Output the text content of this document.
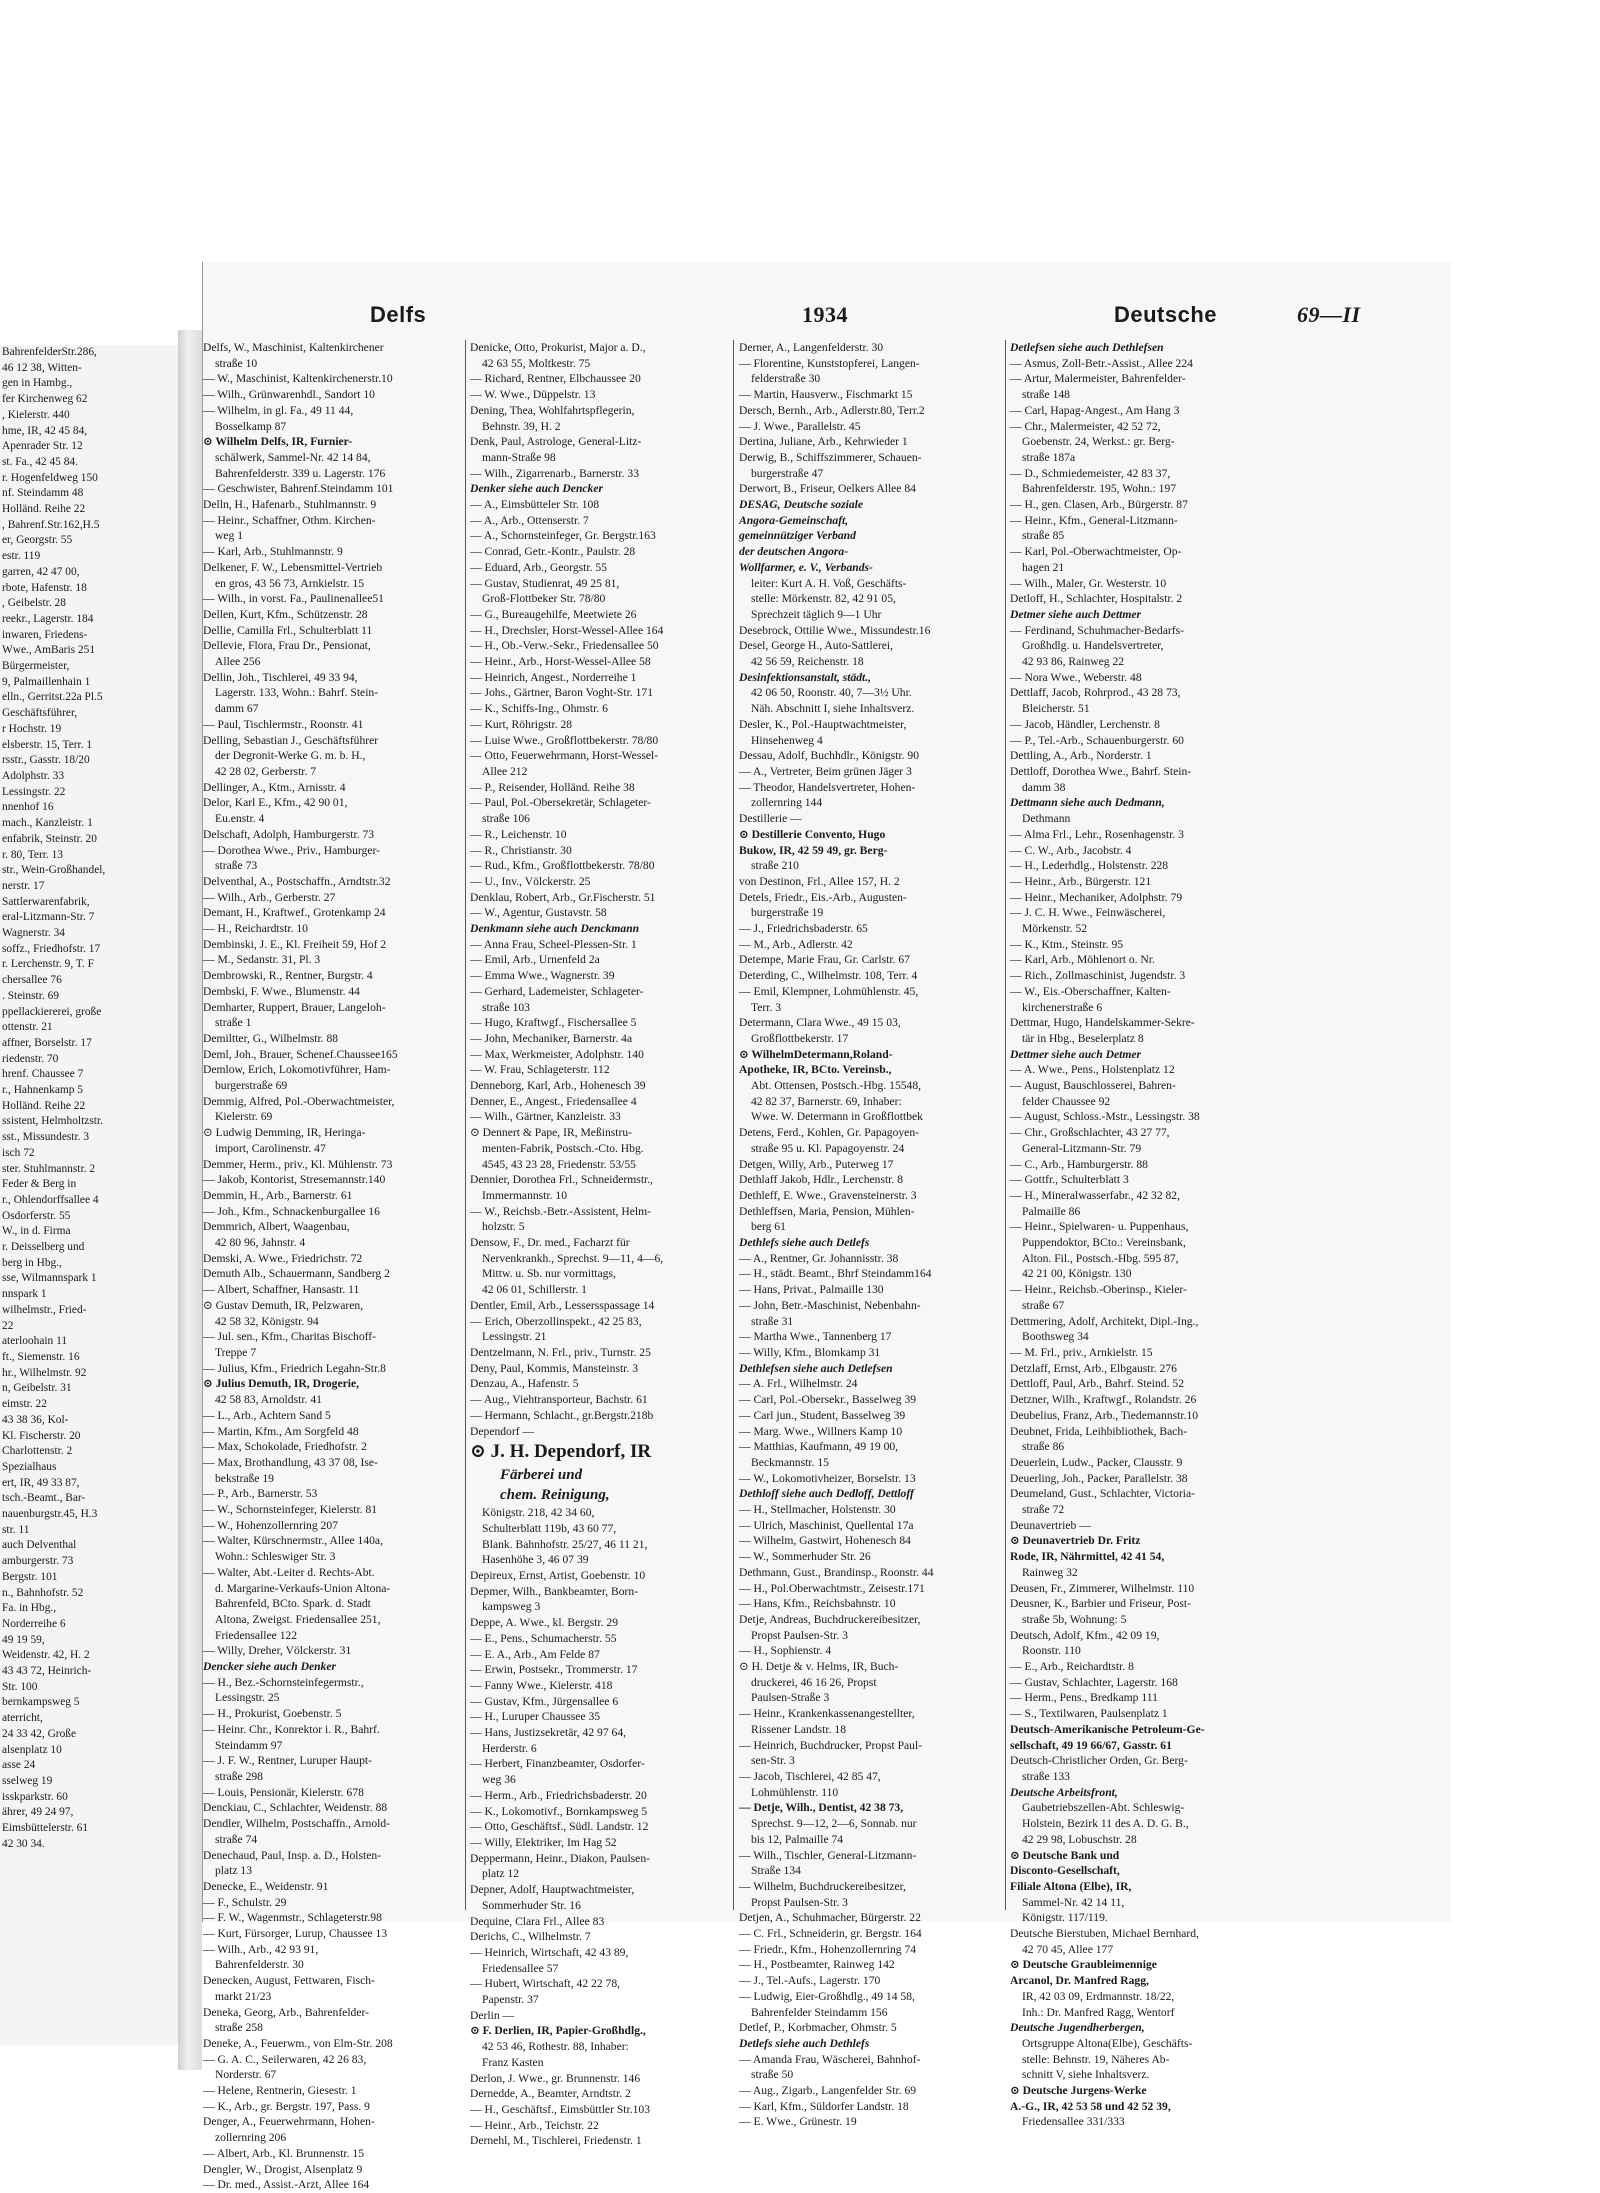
BahrenfelderStr.286,
46 12 38, Witten-
gen in Hambg.,
fer Kirchenweg 62
, Kielerstr. 440
hme, IR, 42 45 84,
Apenrader Str. 12
st. Fa., 42 45 84.
r. Hogenfeldweg 150
nf. Steindamm 48
Holländ. Reihe 22
, Bahrenf.Str.162,H.5
er, Georgstr. 55
estr. 119
garren, 42 47 00,
rbote, Hafenstr. 18
, Geibelstr. 28
reekr., Lagerstr. 184
inwaren, Friedens-
Wwe., AmBaris 251
Bürgermeister,
9, Palmaillenhain 1
elln., Gerritst.22a Pl.5
Geschäftsführer,
r Hochstr. 19
elsberstr. 15, Terr. 1
rsstr., Gasstr. 18/20
Adolphstr. 33
Lessingstr. 22
nnenhof 16
mach., Kanzleistr. 1
enfabrik, Steinstr. 20
r. 80, Terr. 13
str., Wein-Großhandel,
nerstr. 17
Sattlerwarenfabrik,
eral-Litzmann-Str. 7
Wagnerstr. 34
soffz., Friedhofstr. 17
r. Lerchenstr. 9, T. F
chersallee 76
. Steinstr. 69
ppellackiererei, große
ottenstr. 21
affner, Borselstr. 17
riedenstr. 70
hrenf. Chaussee 7
r., Hahnenkamp 5
Holländ. Reihe 22
ssistent, Helmholtzstr.
sst., Missundestr. 3
isch 72
ster. Stuhlmannstr. 2
Feder & Berg in
r., Ohlendorffsallee 4
Osdorferstr. 55
W., in d. Firma
r. Deisselberg und
berg in Hbg.,
sse, Wilmannspark 1
nnspark 1
wilhelmstr., Fried-
22
aterloohain 11
ft., Siemenstr. 16
hr., Wilhelmstr. 92
n, Geibelstr. 31
eimstr. 22
43 38 36, Kol-
Kl. Fischerstr. 20
Charlottenstr. 2
Spezialhaus
ert, IR, 49 33 87,
tsch.-Beamt., Bar-
nauenburgstr.45, H.3
str. 11
auch Delventhal
amburgerstr. 73
Bergstr. 101
n., Bahnhofstr. 52
Fa. in Hbg.,
Norderreihe 6
49 19 59,
Weidenstr. 42, H. 2
43 43 72, Heinrich-
Str. 100
bernkampsweg 5
aterricht,
24 33 42, Große
alsenplatz 10
asse 24
sselweg 19
isskparkstr. 60
ährer, 49 24 97,
Eimsbüttelerstr. 61
42 30 34.
Delfs	1934	Deutsche	69—II
Delfs, W., Maschinist, Kaltenkirchener
straße 10
— W., Maschinist, Kaltenkirchenerstr.10
— Wilh., Grünwarenhdl., Sandort 10
— Wilhelm, in gl. Fa., 49 11 44,
Bosselkamp 87
⊙ Wilhelm Delfs, IR, Furnier-
schälwerk, Sammel-Nr. 42 14 84,
Bahrenfelderstr. 339 u. Lagerstr. 176
— Geschwister, Bahrenf.Steindamm 101
Delln, H., Hafenarb., Stuhlmannstr. 9
— Heinr., Schaffner, Othm. Kirchen-
weg 1
— Karl, Arb., Stuhlmannstr. 9
Delkener, F. W., Lebensmittel-Vertrieb
en gros, 43 56 73, Arnkielstr. 15
— Wilh., in vorst. Fa., Paulinenallee51
Dellen, Kurt, Kfm., Schützenstr. 28
Dellie, Camilla Frl., Schulterblatt 11
Dellevie, Flora, Frau Dr., Pensionat,
Allee 256
Dellin, Joh., Tischlerei, 49 33 94,
Lagerstr. 133, Wohn.: Bahrf. Stein-
damm 67
— Paul, Tischlermstr., Roonstr. 41
Delling, Sebastian J., Geschäftsführer
der Degronit-Werke G. m. b. H.,
42 28 02, Gerberstr. 7
Dellinger, A., Ktm., Arnisstr. 4
Delor, Karl E., Kfm., 42 90 01,
Eu.enstr. 4
Delschaft, Adolph, Hamburgerstr. 73
— Dorothea Wwe., Priv., Hamburger-
straße 73
Delventhal, A., Postschaffn., Arndtstr.32
— Wilh., Arb., Gerberstr. 27
Demant, H., Kraftwef., Grotenkamp 24
— H., Reichardtstr. 10
Dembinski, J. E., Kl. Freiheit 59, Hof 2
— M., Sedanstr. 31, Pl. 3
Dembrowski, R., Rentner, Burgstr. 4
Dembski, F. Wwe., Blumenstr. 44
Demharter, Ruppert, Brauer, Langeloh-
straße 1
Demiltter, G., Wilhelmstr. 88
Deml, Joh., Brauer, Schenef.Chaussee165
Demlow, Erich, Lokomotivführer, Ham-
burgerstraße 69
Demmig, Alfred, Pol.-Oberwachtmeister,
Kielerstr. 69
⊙ Ludwig Demming, IR, Heringa-
import, Carolinenstr. 47
Demmer, Herm., priv., Kl. Mühlenstr. 73
— Jakob, Kontorist, Stresemannstr.140
Demmin, H., Arb., Barnerstr. 61
— Joh., Kfm., Schnackenburgallee 16
Demmrich, Albert, Waagenbau,
42 80 96, Jahnstr. 4
Demski, A. Wwe., Friedrichstr. 72
Demuth Alb., Schauermann, Sandberg 2
— Albert, Schaffner, Hansastr. 11
⊙ Gustav Demuth, IR, Pelzwaren,
42 58 32, Königstr. 94
— Jul. sen., Kfm., Charitas Bischoff-
Treppe 7
— Julius, Kfm., Friedrich Legahn-Str.8
⊙ Julius Demuth, IR, Drogerie,
42 58 83, Arnoldstr. 41
— L., Arb., Achtern Sand 5
— Martin, Kfm., Am Sorgfeld 48
— Max, Schokolade, Friedhofstr. 2
— Max, Brothandlung, 43 37 08, Ise-
bekstraße 19
— P., Arb., Barnerstr. 53
— W., Schornsteinfeger, Kielerstr. 81
— W., Hohenzollernring 207
— Walter, Kürschnermstr., Allee 140a,
Wohn.: Schleswiger Str. 3
— Walter, Abt.-Leiter d. Rechts-Abt.
d. Margarine-Verkaufs-Union Altona-
Bahrenfeld, BCto. Spark. d. Stadt
Altona, Zweigst. Friedensallee 251,
Friedensallee 122
— Willy, Dreher, Völckerstr. 31
Dencker siehe auch Denker
— H., Bez.-Schornsteinfegermstr.,
Lessingstr. 25
— H., Prokurist, Goebenstr. 5
— Heinr. Chr., Konrektor i. R., Bahrf.
Steindamm 97
— J. F. W., Rentner, Luruper Haupt-
straße 298
— Louis, Pensionär, Kielerstr. 678
Denckiau, C., Schlachter, Weidenstr. 88
Dendler, Wilhelm, Postschaffn., Arnold-
straße 74
Denechaud, Paul, Insp. a. D., Holsten-
platz 13
Denecke, E., Weidenstr. 91
— F., Schulstr. 29
— F. W., Wagenmstr., Schlageterstr.98
— Kurt, Fürsorger, Lurup, Chaussee 13
— Wilh., Arb., 42 93 91,
Bahrenfelderstr. 30
Denecken, August, Fettwaren, Fisch-
markt 21/23
Deneka, Georg, Arb., Bahrenfelder-
straße 258
Deneke, A., Feuerwm., von Elm-Str. 208
— G. A. C., Seilerwaren, 42 26 83,
Norderstr. 67
— Helene, Rentnerin, Giesestr. 1
— K., Arb., gr. Bergstr. 197, Pass. 9
Denger, A., Feuerwehrmann, Hohen-
zollernring 206
— Albert, Arb., Kl. Brunnenstr. 15
Dengler, W., Drogist, Alsenplatz 9
— Dr. med., Assist.-Arzt, Allee 164
Denicke, Otto, Prokurist, Major a. D.,
42 63 55, Moltkestr. 75
— Richard, Rentner, Elbchaussee 20
— W. Wwe., Düppelstr. 13
Dening, Thea, Wohlfahrtspflegerin,
Behnstr. 39, H. 2
Denk, Paul, Astrologe, General-Litz-
mann-Straße 98
— Wilh., Zigarrenarb., Barnerstr. 33
Denker siehe auch Dencker
— A., Eimsbütteler Str. 108
— A., Arb., Ottenserstr. 7
— A., Schornsteinfeger, Gr. Bergstr.163
— Conrad, Getr.-Kontr., Paulstr. 28
— Eduard, Arb., Georgstr. 55
— Gustav, Studienrat, 49 25 81,
Groß-Flottbeker Str. 78/80
— G., Bureaugehilfe, Meetwiete 26
— H., Drechsler, Horst-Wessel-Allee 164
— H., Ob.-Verw.-Sekr., Friedensallee 50
— Heinr., Arb., Horst-Wessel-Allee 58
— Heinrich, Angest., Norderreihe 1
— Johs., Gärtner, Baron Voght-Str. 171
— K., Schiffs-Ing., Ohmstr. 6
— Kurt, Röhrigstr. 28
— Luise Wwe., Großflottbekerstr. 78/80
— Otto, Feuerwehrmann, Horst-Wessel-
Allee 212
— P., Reisender, Holländ. Reihe 38
— Paul, Pol.-Obersekretär, Schlageter-
straße 106
— R., Leichenstr. 10
— R., Christianstr. 30
— Rud., Kfm., Großflottbekerstr. 78/80
— U., Inv., Völckerstr. 25
Denklau, Robert, Arb., Gr.Fischerstr. 51
— W., Agentur, Gustavstr. 58
Denkmann siehe auch Denckmann
— Anna Frau, Scheel-Plessen-Str. 1
— Emil, Arb., Urnenfeld 2a
— Emma Wwe., Wagnerstr. 39
— Gerhard, Lademeister, Schlageter-
straße 103
— Hugo, Kraftwgf., Fischersallee 5
— John, Mechaniker, Barnerstr. 4a
— Max, Werkmeister, Adolphstr. 140
— W. Frau, Schlageterstr. 112
Denneborg, Karl, Arb., Hohenesch 39
Denner, E., Angest., Friedensallee 4
— Wilh., Gärtner, Kanzleistr. 33
⊙ Dennert & Pape, IR, Meßinstru-
menten-Fabrik, Postsch.-Cto. Hbg.
4545, 43 23 28, Friedenstr. 53/55
Dennier, Dorothea Frl., Schneidermstr.,
Immermannstr. 10
— W., Reichsb.-Betr.-Assistent, Helm-
holzstr. 5
Densow, F., Dr. med., Facharzt für
Nervenkrankh., Sprechst. 9—11, 4—6,
Mittw. u. Sb. nur vormittags,
42 06 01, Schillerstr. 1
Dentler, Emil, Arb., Lessersspassage 14
— Erich, Oberzollinspekt., 42 25 83,
Lessingstr. 21
Dentzelmann, N. Frl., priv., Turnstr. 25
Deny, Paul, Kommis, Mansteinstr. 3
Denzau, A., Hafenstr. 5
— Aug., Viehtransporteur, Bachstr. 61
— Hermann, Schlacht., gr.Bergstr.218b
Dependorf —
⊙ J. H. Dependorf, IR
Färberei und
chem. Reinigung,
Königstr. 218, 42 34 60,
Schulterblatt 119b, 43 60 77,
Blank. Bahnhofstr. 25/27, 46 11 21,
Hasenhöhe 3, 46 07 39
Depireux, Ernst, Artist, Goebenstr. 10
Depmer, Wilh., Bankbeamter, Born-
kampsweg 3
Deppe, A. Wwe., kl. Bergstr. 29
— E., Pens., Schumacherstr. 55
— E. A., Arb., Am Felde 87
— Erwin, Postsekr., Trommerstr. 17
— Fanny Wwe., Kielerstr. 418
— Gustav, Kfm., Jürgensallee 6
— H., Luruper Chaussee 35
— Hans, Justizsekretär, 42 97 64,
Herderstr. 6
— Herbert, Finanzbeamter, Osdorfer-
weg 36
— Herm., Arb., Friedrichsbaderstr. 20
— K., Lokomotivf., Bornkampsweg 5
— Otto, Geschäftsf., Südl. Landstr. 12
— Willy, Elektriker, Im Hag 52
Deppermann, Heinr., Diakon, Paulsen-
platz 12
Depner, Adolf, Hauptwachtmeister,
Sommerhuder Str. 16
Dequine, Clara Frl., Allee 83
Derichs, C., Wilhelmstr. 7
— Heinrich, Wirtschaft, 42 43 89,
Friedensallee 57
— Hubert, Wirtschaft, 42 22 78,
Papenstr. 37
Derlin —
⊙ F. Derlien, IR, Papier-Großhdlg.,
42 53 46, Rothestr. 88, Inhaber:
Franz Kasten
Derlon, J. Wwe., gr. Brunnenstr. 146
Dernedde, A., Beamter, Arndtstr. 2
— H., Geschäftsf., Eimsbüttler Str.103
— Heinr., Arb., Teichstr. 22
Dernehl, M., Tischlerei, Friedenstr. 1
Derner, A., Langenfelderstr. 30
— Florentine, Kunststopferei, Langen-
felderstraße 30
— Martin, Hausverw., Fischmarkt 15
Dersch, Bernh., Arb., Adlerstr.80, Terr.2
— J. Wwe., Parallelstr. 45
Dertina, Juliane, Arb., Kehrwieder 1
Derwig, B., Schiffszimmerer, Schauen-
burgerstraße 47
Derwort, B., Friseur, Oelkers Allee 84
DESAG, Deutsche soziale
Angora-Gemeinschaft,
gemeinnütziger Verband
der deutschen Angora-
Wollfarmer, e. V., Verbands-
leiter: Kurt A. H. Voß, Geschäfts-
stelle: Mörkenstr. 82, 42 91 05,
Sprechzeit täglich 9—1 Uhr
Desebrock, Ottilie Wwe., Missundestr.16
Desel, George H., Auto-Sattlerei,
42 56 59, Reichenstr. 18
Desinfektionsanstalt, städt.,
42 06 50, Roonstr. 40, 7—3½ Uhr.
Näh. Abschnitt I, siehe Inhaltsverz.
Desler, K., Pol.-Hauptwachtmeister,
Hinsehenweg 4
Dessau, Adolf, Buchhdlr., Königstr. 90
— A., Vertreter, Beim grünen Jäger 3
— Theodor, Handelsvertreter, Hohen-
zollernring 144
Destillerie —
⊙ Destillerie Convento, Hugo
Bukow, IR, 42 59 49, gr. Berg-
straße 210
von Destinon, Frl., Allee 157, H. 2
Detels, Friedr., Eis.-Arb., Augusten-
burgerstraße 19
— J., Friedrichsbaderstr. 65
— M., Arb., Adlerstr. 42
Detempe, Marie Frau, Gr. Carlstr. 67
Deterding, C., Wilhelmstr. 108, Terr. 4
— Emil, Klempner, Lohmühlenstr. 45,
Terr. 3
Determann, Clara Wwe., 49 15 03,
Großflottbekerstr. 17
⊙ WilhelmDetermann,Roland-
Apotheke, IR, BCto. Vereinsb.,
Abt. Ottensen, Postsch.-Hbg. 15548,
42 82 37, Barnerstr. 69, Inhaber:
Wwe. W. Determann in Großflottbek
Detens, Ferd., Kohlen, Gr. Papagoyen-
straße 95 u. Kl. Papagoyenstr. 24
Detgen, Willy, Arb., Puterweg 17
Dethlaff Jakob, Hdlr., Lerchenstr. 8
Dethleff, E. Wwe., Gravensteinerstr. 3
Dethleffsen, Maria, Pension, Mühlen-
berg 61
Dethlefs siehe auch Detlefs
— A., Rentner, Gr. Johannisstr. 38
— H., städt. Beamt., Bhrf Steindamm164
— Hans, Privat., Palmaille 130
— John, Betr.-Maschinist, Nebenbahn-
straße 31
— Martha Wwe., Tannenberg 17
— Willy, Kfm., Blomkamp 31
Dethlefsen siehe auch Detlefsen
— A. Frl., Wilhelmstr. 24
— Carl, Pol.-Obersekr., Basselweg 39
— Carl jun., Student, Basselweg 39
— Marg. Wwe., Willners Kamp 10
— Matthias, Kaufmann, 49 19 00,
Beckmannstr. 15
— W., Lokomotivheizer, Borselstr. 13
Dethloff siehe auch Dedloff, Dettloff
— H., Stellmacher, Holstenstr. 30
— Ulrich, Maschinist, Quellental 17a
— Wilhelm, Gastwirt, Hohenesch 84
— W., Sommerhuder Str. 26
Dethmann, Gust., Brandinsp., Roonstr. 44
— H., Pol.Oberwachtmstr., Zeisestr.171
— Hans, Kfm., Reichsbahnstr. 10
Detje, Andreas, Buchdruckereibesitzer,
Propst Paulsen-Str. 3
— H., Sophienstr. 4
⊙ H. Detje & v. Helms, IR, Buch-
druckerei, 46 16 26, Propst
Paulsen-Straße 3
— Heinr., Krankenkassenangestellter,
Rissener Landstr. 18
— Heinrich, Buchdrucker, Propst Paul-
sen-Str. 3
— Jacob, Tischlerei, 42 85 47,
Lohmühlenstr. 110
— Detje, Wilh., Dentist, 42 38 73,
Sprechst. 9—12, 2—6, Sonnab. nur
bis 12, Palmaille 74
— Wilh., Tischler, General-Litzmann-
Straße 134
— Wilhelm, Buchdruckereibesitzer,
Propst Paulsen-Str. 3
Detjen, A., Schuhmacher, Bürgerstr. 22
— C. Frl., Schneiderin, gr. Bergstr. 164
— Friedr., Kfm., Hohenzollernring 74
— H., Postbeamter, Rainweg 142
— J., Tel.-Aufs., Lagerstr. 170
— Ludwig, Eier-Großhdlg., 49 14 58,
Bahrenfelder Steindamm 156
Detlef, P., Korbmacher, Ohmstr. 5
Detlefs siehe auch Dethlefs
— Amanda Frau, Wäscherei, Bahnhof-
straße 50
— Aug., Zigarb., Langenfelder Str. 69
— Karl, Kfm., Süldorfer Landstr. 18
— E. Wwe., Grünestr. 19
Detlefsen siehe auch Dethlefsen
— Asmus, Zoll-Betr.-Assist., Allee 224
— Artur, Malermeister, Bahrenfelder-
straße 148
— Carl, Hapag-Angest., Am Hang 3
— Chr., Malermeister, 42 52 72,
Goebenstr. 24, Werkst.: gr. Berg-
straße 187a
— D., Schmiedemeister, 42 83 37,
Bahrenfelderstr. 195, Wohn.: 197
— H., gen. Clasen, Arb., Bürgerstr. 87
— Heinr., Kfm., General-Litzmann-
straße 85
— Karl, Pol.-Oberwachtmeister, Op-
hagen 21
— Wilh., Maler, Gr. Westerstr. 10
Detloff, H., Schlachter, Hospitalstr. 2
Detmer siehe auch Dettmer
— Ferdinand, Schuhmacher-Bedarfs-
Großhdlg. u. Handelsvertreter,
42 93 86, Rainweg 22
— Nora Wwe., Weberstr. 48
Dettlaff, Jacob, Rohrprod., 43 28 73,
Bleicherstr. 51
— Jacob, Händler, Lerchenstr. 8
— P., Tel.-Arb., Schauenburgerstr. 60
Dettling, A., Arb., Norderstr. 1
Dettloff, Dorothea Wwe., Bahrf. Stein-
damm 38
Dettmann siehe auch Dedmann,
Dethmann
— Alma Frl., Lehr., Rosenhagenstr. 3
— C. W., Arb., Jacobstr. 4
— H., Lederhdlg., Holstenstr. 228
— Heinr., Arb., Bürgerstr. 121
— Heinr., Mechaniker, Adolphstr. 79
— J. C. H. Wwe., Feinwäscherei,
Mörkenstr. 52
— K., Ktm., Steinstr. 95
— Karl, Arb., Möhlenort o. Nr.
— Rich., Zollmaschinist, Jugendstr. 3
— W., Eis.-Oberschaffner, Kalten-
kirchenerstraße 6
Dettmar, Hugo, Handelskammer-Sekre-
tär in Hbg., Beselerplatz 8
Dettmer siehe auch Detmer
— A. Wwe., Pens., Holstenplatz 12
— August, Bauschlosserei, Bahren-
felder Chaussee 92
— August, Schloss.-Mstr., Lessingstr. 38
— Chr., Großschlachter, 43 27 77,
General-Litzmann-Str. 79
— C., Arb., Hamburgerstr. 88
— Gottfr., Schulterblatt 3
— H., Mineralwasserfabr., 42 32 82,
Palmaille 86
— Heinr., Spielwaren- u. Puppenhaus,
Puppendoktor, BCto.: Vereinsbank,
Alton. Fil., Postsch.-Hbg. 595 87,
42 21 00, Königstr. 130
— Heinr., Reichsb.-Oberinsp., Kieler-
straße 67
Dettmering, Adolf, Architekt, Dipl.-Ing.,
Boothsweg 34
— M. Frl., priv., Arnkielstr. 15
Detzlaff, Ernst, Arb., Elbgaustr. 276
Dettloff, Paul, Arb., Bahrf. Steind. 52
Detzner, Wilh., Kraftwgf., Rolandstr. 26
Deubelius, Franz, Arb., Tiedemannstr.10
Deubnet, Frida, Leihbibliothek, Bach-
straße 86
Deuerlein, Ludw., Packer, Clausstr. 9
Deuerling, Joh., Packer, Parallelstr. 38
Deumeland, Gust., Schlachter, Victoria-
straße 72
Deunavertrieb —
⊙ Deunavertrieb Dr. Fritz
Rode, IR, Nährmittel, 42 41 54,
Rainweg 32
Deusen, Fr., Zimmerer, Wilhelmstr. 110
Deusner, K., Barbier und Friseur, Post-
straße 5b, Wohnung: 5
Deutsch, Adolf, Kfm., 42 09 19,
Roonstr. 110
— E., Arb., Reichardtstr. 8
— Gustav, Schlachter, Lagerstr. 168
— Herm., Pens., Bredkamp 111
— S., Textilwaren, Paulsenplatz 1
Deutsch-Amerikanische Petroleum-Ge-
sellschaft, 49 19 66/67, Gasstr. 61
Deutsch-Christlicher Orden, Gr. Berg-
straße 133
Deutsche Arbeitsfront,
Gaubetriebszellen-Abt. Schleswig-
Holstein, Bezirk 11 des A. D. G. B.,
42 29 98, Lobuschstr. 28
⊙ Deutsche Bank und
Disconto-Gesellschaft,
Filiale Altona (Elbe), IR,
Sammel-Nr. 42 14 11,
Königstr. 117/119.
Deutsche Bierstuben, Michael Bernhard,
42 70 45, Allee 177
⊙ Deutsche Graubleimennige
Arcanol, Dr. Manfred Ragg,
IR, 42 03 09, Erdmannstr. 18/22,
Inh.: Dr. Manfred Ragg, Wentorf
Deutsche Jugendherbergen,
Ortsgruppe Altona(Elbe), Geschäfts-
stelle: Behnstr. 19, Näheres Ab-
schnitt V, siehe Inhaltsverz.
⊙ Deutsche Jurgens-Werke
A.-G., IR, 42 53 58 und 42 52 39,
Friedensallee 331/333
